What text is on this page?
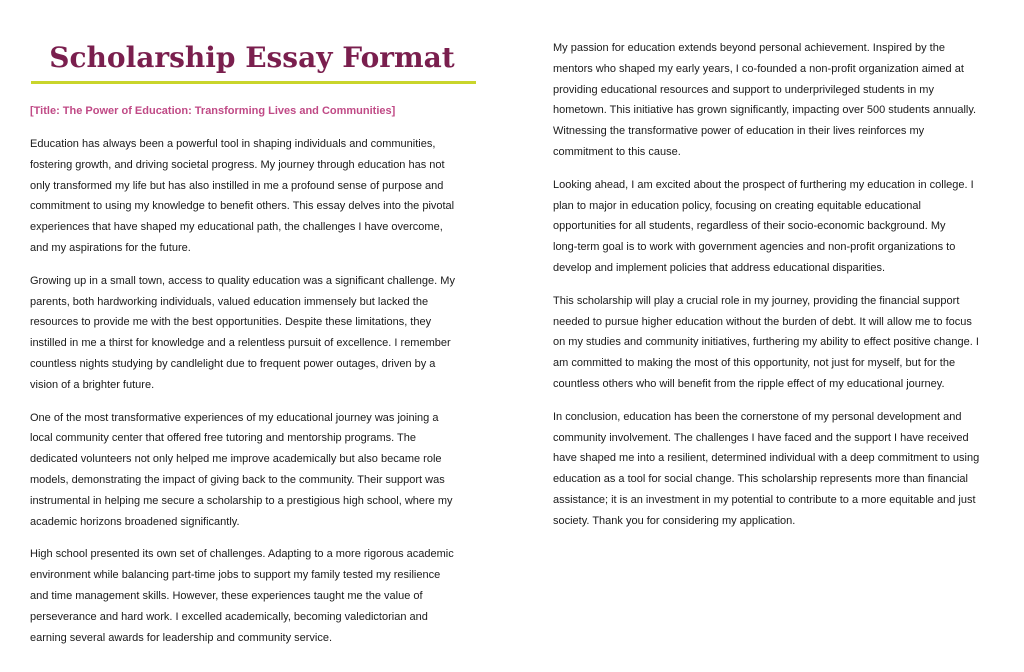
Scholarship Essay Format

[Title: The Power of Education: Transforming Lives and Communities]

Education has always been a powerful tool in shaping individuals and communities,
fostering growth, and driving societal progress. My journey through education has not
only transformed my life but has also instilled in me a profound sense of purpose and
commitment to using my knowledge to benefit others. This essay delves into the pivotal
experiences that have shaped my educational path, the challenges I have overcome,
and my aspirations for the future.

Growing up in a small town, access to quality education was a significant challenge. My
parents, both hardworking individuals, valued education immensely but lacked the
resources to provide me with the best opportunities. Despite these limitations, they
instilled in me a thirst for knowledge and a relentless pursuit of excellence. I remember
countless nights studying by candlelight due to frequent power outages, driven by a
vision of a brighter future.

One of the most transformative experiences of my educational journey was joining a
local community center that offered free tutoring and mentorship programs. The
dedicated volunteers not only helped me improve academically but also became role
models, demonstrating the impact of giving back to the community. Their support was
instrumental in helping me secure a scholarship to a prestigious high school, where my
academic horizons broadened significantly.

High school presented its own set of challenges. Adapting to a more rigorous academic
environment while balancing part-time jobs to support my family tested my resilience
and time management skills. However, these experiences taught me the value of
perseverance and hard work. I excelled academically, becoming valedictorian and
earning several awards for leadership and community service.

My passion for education extends beyond personal achievement. Inspired by the
mentors who shaped my early years, I co-founded a non-profit organization aimed at
providing educational resources and support to underprivileged students in my
hometown. This initiative has grown significantly, impacting over 500 students annually.
Witnessing the transformative power of education in their lives reinforces my
commitment to this cause.

Looking ahead, I am excited about the prospect of furthering my education in college. I
plan to major in education policy, focusing on creating equitable educational
opportunities for all students, regardless of their socio-economic background. My
long-term goal is to work with government agencies and non-profit organizations to
develop and implement policies that address educational disparities.

This scholarship will play a crucial role in my journey, providing the financial support
needed to pursue higher education without the burden of debt. It will allow me to focus
on my studies and community initiatives, furthering my ability to effect positive change. I
am committed to making the most of this opportunity, not just for myself, but for the
countless others who will benefit from the ripple effect of my educational journey.

In conclusion, education has been the cornerstone of my personal development and
community involvement. The challenges I have faced and the support I have received
have shaped me into a resilient, determined individual with a deep commitment to using
education as a tool for social change. This scholarship represents more than financial
assistance; it is an investment in my potential to contribute to a more equitable and just
society. Thank you for considering my application.
